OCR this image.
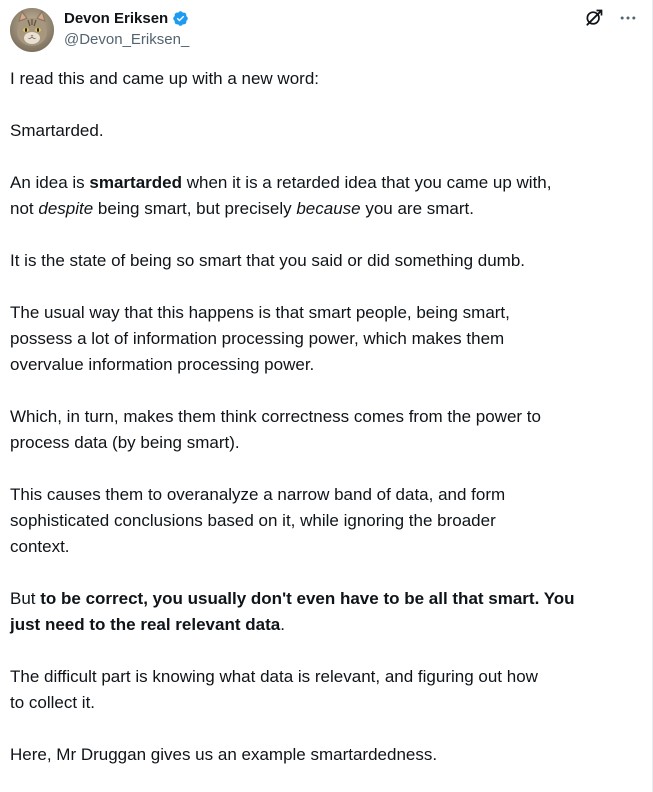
Devon Eriksen
@Devon_Eriksen_

I read this and came up with a new word:

Smartarded.

An idea is smartarded when it is a retarded idea that you came up with,
not despite being smart, but precisely because you are smart.

It is the state of being so smart that you said or did something dumb.

The usual way that this happens is that smart people, being smart,
possess a lot of information processing power, which makes them
overvalue information processing power.

Which, in turn, makes them think correctness comes from the power to
process data (by being smart).

This causes them to overanalyze a narrow band of data, and form
sophisticated conclusions based on it, while ignoring the broader
context.

But to be correct, you usually don't even have to be all that smart. You
just need to the real relevant data.

The difficult part is knowing what data is relevant, and figuring out how
to collect it.

Here, Mr Druggan gives us an example smartardedness.
